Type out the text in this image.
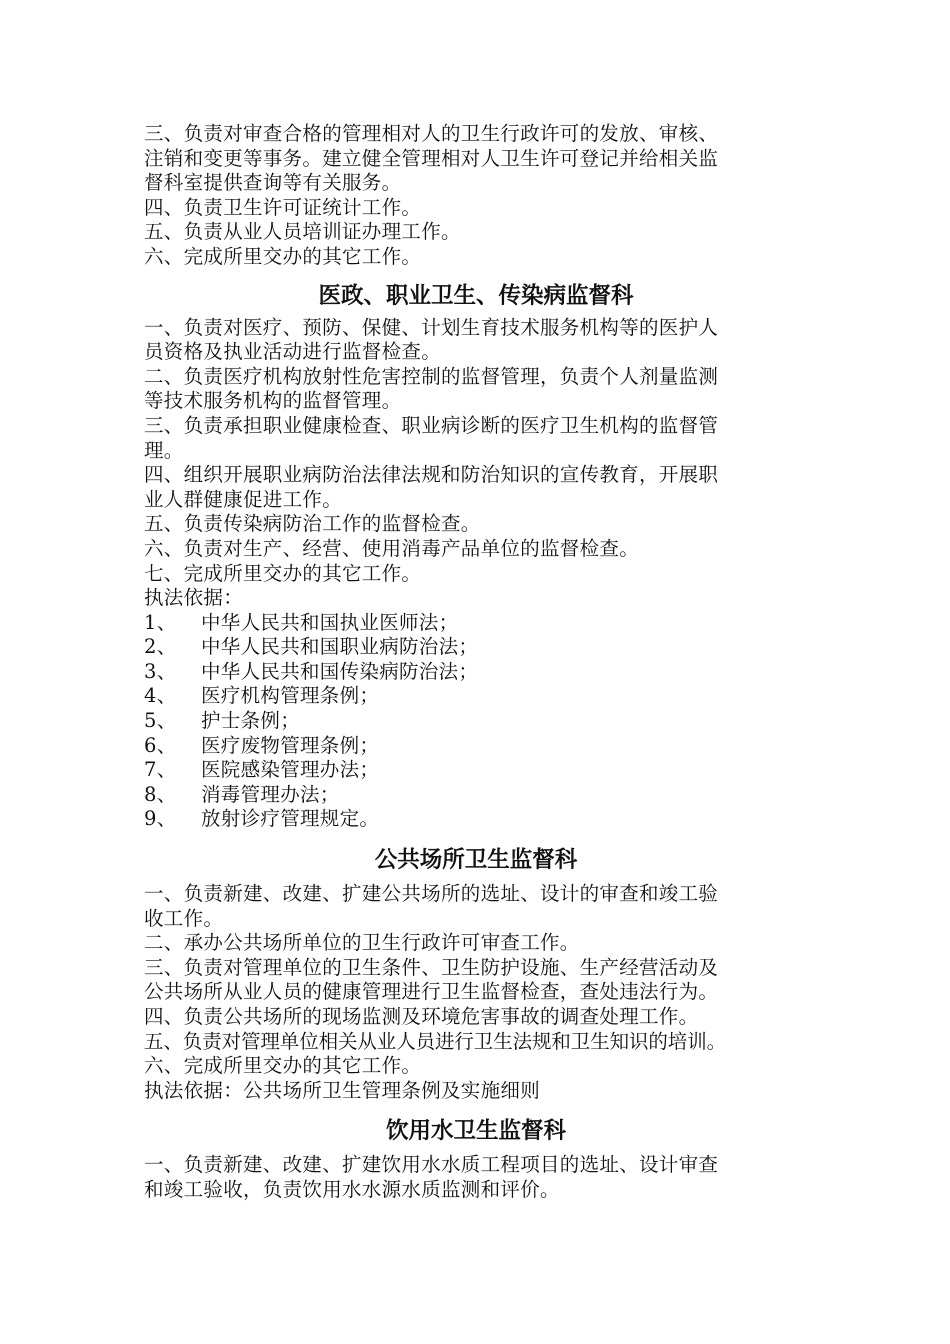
三、负责对审查合格的管理相对人的卫生行政许可的发放、审核、

注销和变更等事务。建立健全管理相对人卫生许可登记并给相关监

督科室提供查询等有关服务。

四、负责卫生许可证统计工作。

五、负责从业人员培训证办理工作。

六、完成所里交办的其它工作。

医政、职业卫生、传染病监督科

一、负责对医疗、预防、保健、计划生育技术服务机构等的医护人

员资格及执业活动进行监督检查。

二、负责医疗机构放射性危害控制的监督管理，负责个人剂量监测

等技术服务机构的监督管理。

三、负责承担职业健康检查、职业病诊断的医疗卫生机构的监督管

理。

四、组织开展职业病防治法律法规和防治知识的宣传教育，开展职

业人群健康促进工作。

五、负责传染病防治工作的监督检查。

六、负责对生产、经营、使用消毒产品单位的监督检查。

七、完成所里交办的其它工作。

执法依据：

1、	中华人民共和国执业医师法；
2、	中华人民共和国职业病防治法；
3、	中华人民共和国传染病防治法；
4、	医疗机构管理条例；
5、	护士条例；
6、	医疗废物管理条例；
7、	医院感染管理办法；
8、	消毒管理办法；
9、	放射诊疗管理规定。
公共场所卫生监督科

一、负责新建、改建、扩建公共场所的选址、设计的审查和竣工验

收工作。

二、承办公共场所单位的卫生行政许可审查工作。

三、负责对管理单位的卫生条件、卫生防护设施、生产经营活动及

公共场所从业人员的健康管理进行卫生监督检查，查处违法行为。

四、负责公共场所的现场监测及环境危害事故的调查处理工作。

五、负责对管理单位相关从业人员进行卫生法规和卫生知识的培训。

六、完成所里交办的其它工作。

执法依据：公共场所卫生管理条例及实施细则

饮用水卫生监督科

一、负责新建、改建、扩建饮用水水质工程项目的选址、设计审查

和竣工验收，负责饮用水水源水质监测和评价。
